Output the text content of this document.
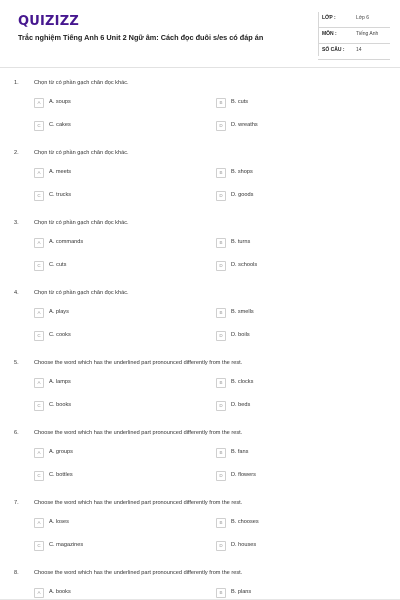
QUIZIZZ
Trắc nghiệm Tiếng Anh 6 Unit 2 Ngữ âm: Cách đọc đuôi s/es có đáp án
LỚP :	Lớp 6
MÔN :	Tiếng Anh
SỐ CÂU : 14
1.	Chọn từ có phần gạch chân đọc khác.
A	A. soups	B	B. cuts
C	C. cakes	D	D. wreaths
2.	Chọn từ có phần gạch chân đọc khác.
A	A. meets	B	B. shops
C	C. trucks	D	D. goods
3.	Chọn từ có phần gạch chân đọc khác.
A	A. commands	B	B. turns
C	C. cuts	D	D. schools
4.	Chọn từ có phần gạch chân đọc khác.
A	A. plays	B	B. smells
C	C. cooks	D	D. boils
5.	Choose the word which has the underlined part pronounced differently from the rest.
A	A. lamps	B	B. clocks
C	C. books	D	D. beds
6.	Choose the word which has the underlined part pronounced differently from the rest.
A	A. groups	B	B. fans
C	C. bottles	D	D. flowers
7.	Choose the word which has the underlined part pronounced differently from the rest.
A	A. loses	B	B. chooses
C	C. magazines	D	D. houses
8.	Choose the word which has the underlined part pronounced differently from the rest.
A	A. books	B	B. plans
